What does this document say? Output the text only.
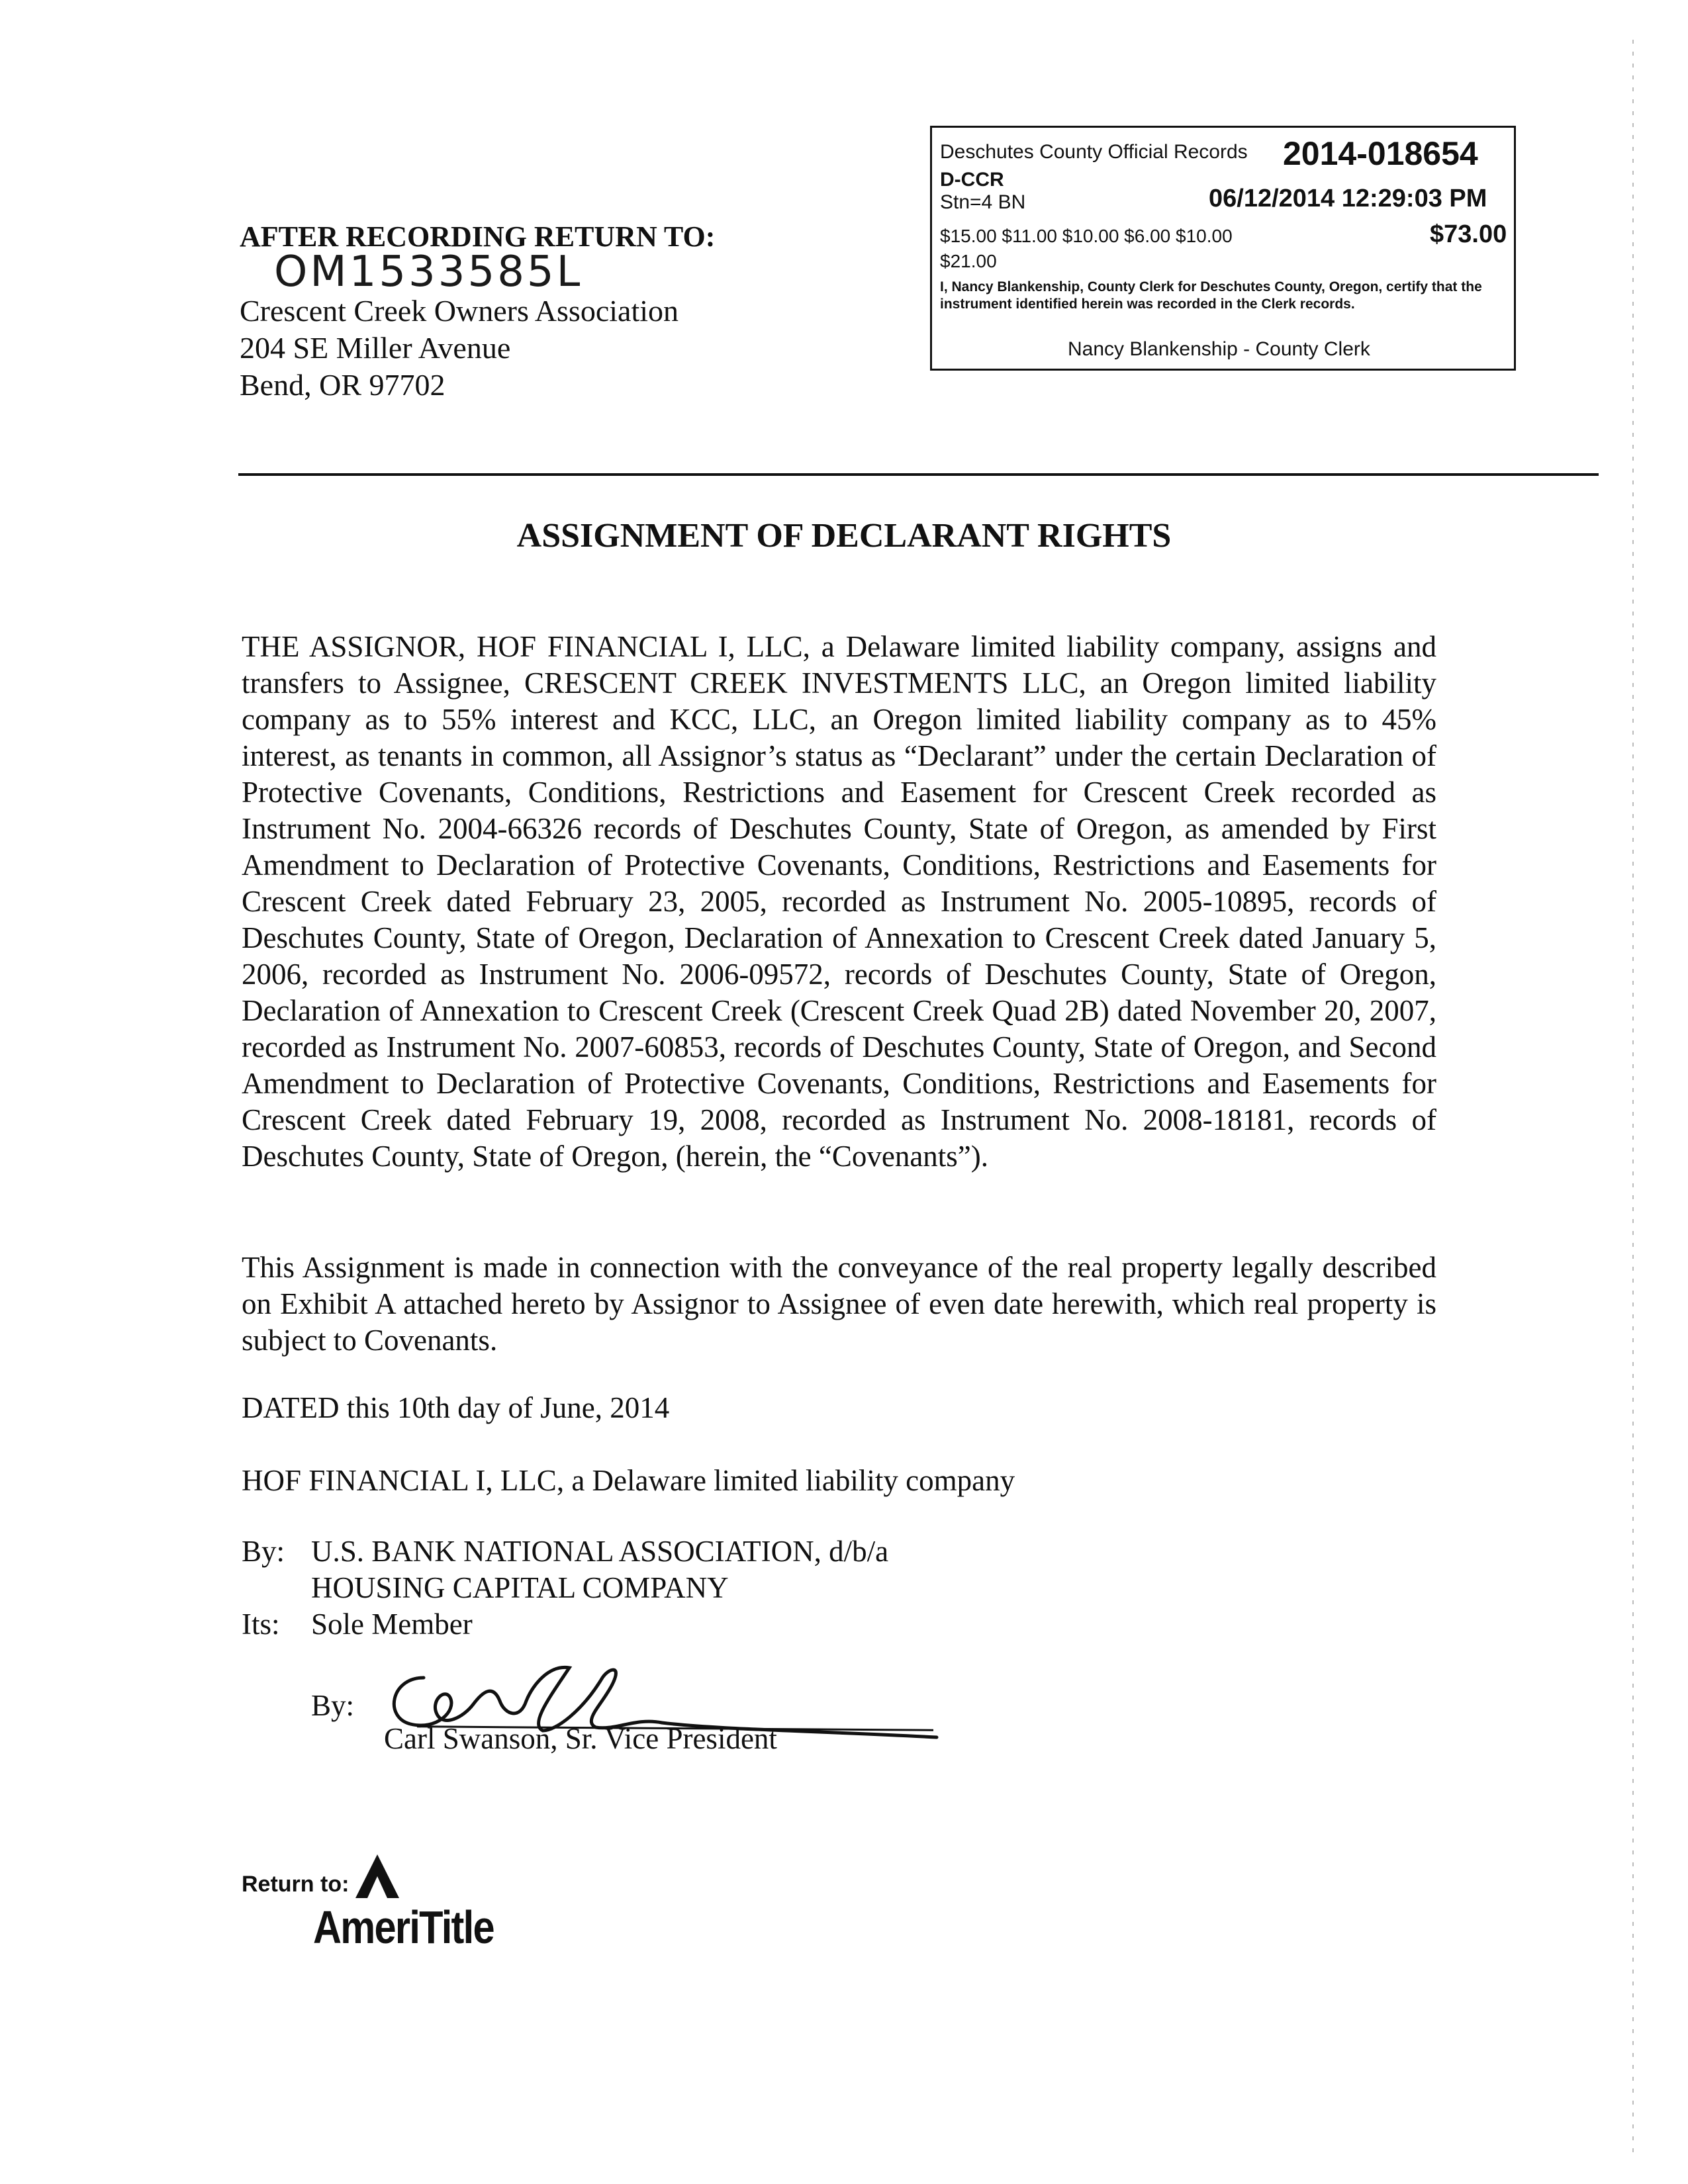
Deschutes County Official Records 2014-018654
D-CCR
Stn=4 BN	06/12/2014 12:29:03 PM
$15.00 $11.00 $10.00 $6.00 $10.00	$73.00
$21.00
I, Nancy Blankenship, County Clerk for Deschutes County, Oregon, certify that the instrument identified herein was recorded in the Clerk records.
Nancy Blankenship - County Clerk
AFTER RECORDING RETURN TO:
OM1533585L
Crescent Creek Owners Association
204 SE Miller Avenue
Bend, OR 97702
ASSIGNMENT OF DECLARANT RIGHTS
THE ASSIGNOR, HOF FINANCIAL I, LLC, a Delaware limited liability company, assigns and transfers to Assignee, CRESCENT CREEK INVESTMENTS LLC, an Oregon limited liability company as to 55% interest and KCC, LLC, an Oregon limited liability company as to 45% interest, as tenants in common, all Assignor’s status as “Declarant” under the certain Declaration of Protective Covenants, Conditions, Restrictions and Easement for Crescent Creek recorded as Instrument No. 2004-66326 records of Deschutes County, State of Oregon, as amended by First Amendment to Declaration of Protective Covenants, Conditions, Restrictions and Easements for Crescent Creek dated February 23, 2005, recorded as Instrument No. 2005-10895, records of Deschutes County, State of Oregon, Declaration of Annexation to Crescent Creek dated January 5, 2006, recorded as Instrument No. 2006-09572, records of Deschutes County, State of Oregon, Declaration of Annexation to Crescent Creek (Crescent Creek Quad 2B) dated November 20, 2007, recorded as Instrument No. 2007-60853, records of Deschutes County, State of Oregon, and Second Amendment to Declaration of Protective Covenants, Conditions, Restrictions and Easements for Crescent Creek dated February 19, 2008, recorded as Instrument No. 2008-18181, records of Deschutes County, State of Oregon, (herein, the “Covenants”).
This Assignment is made in connection with the conveyance of the real property legally described on Exhibit A attached hereto by Assignor to Assignee of even date herewith, which real property is subject to Covenants.
DATED this 10th day of June, 2014
HOF FINANCIAL I, LLC, a Delaware limited liability company
By: U.S. BANK NATIONAL ASSOCIATION, d/b/a
HOUSING CAPITAL COMPANY
Its: Sole Member
By:
Carl Swanson, Sr. Vice President
Return to:
AmeriTitle
